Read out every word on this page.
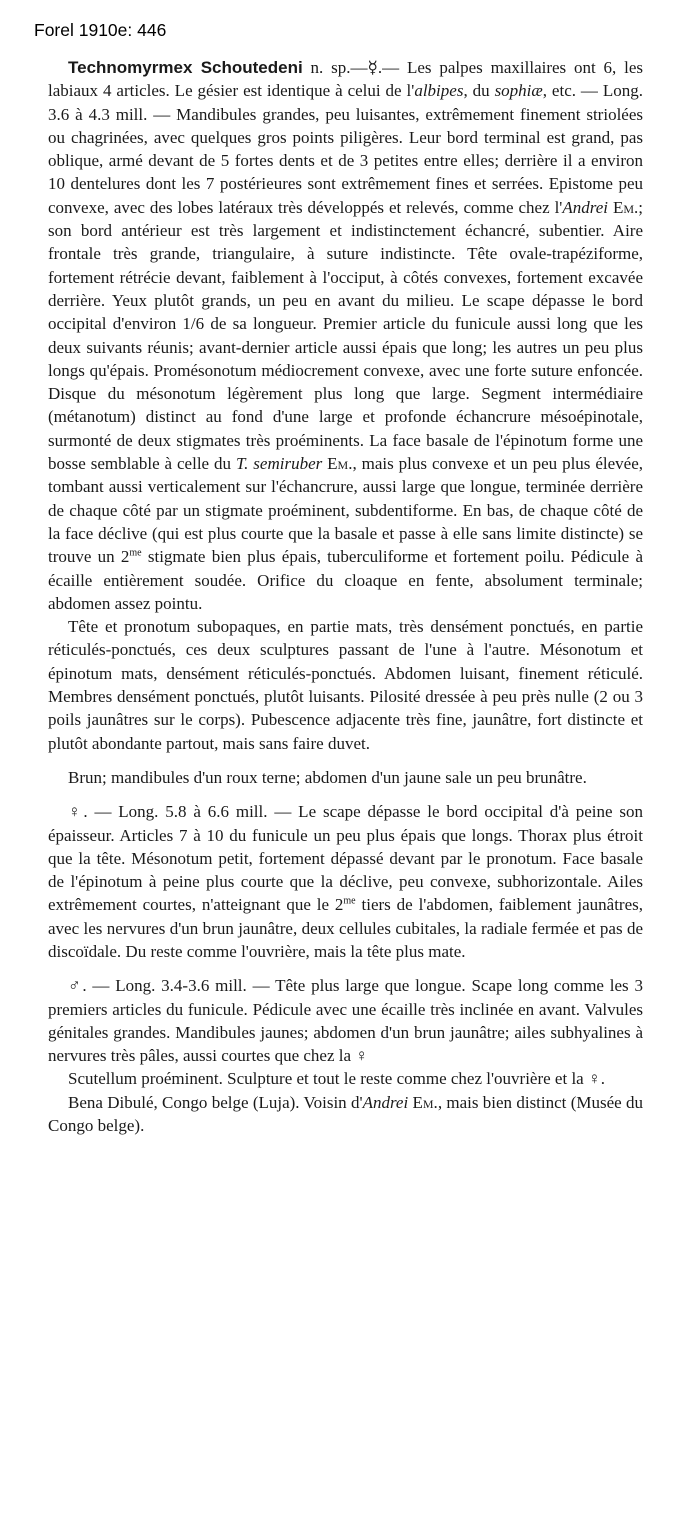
Forel 1910e: 446

Technomyrmex Schoutedeni n. sp.—☿.— Les palpes maxillaires ont 6, les labiaux 4 articles. Le gésier est identique à celui de l'albipes, du sophiæ, etc. — Long. 3.6 à 4.3 mill. — Mandibules grandes, peu luisantes, extrêmement finement striolées ou chagrinées, avec quelques gros points piligères. Leur bord terminal est grand, pas oblique, armé devant de 5 fortes dents et de 3 petites entre elles; derrière il a environ 10 dentelures dont les 7 postérieures sont extrêmement fines et serrées. Epistome peu convexe, avec des lobes latéraux très développés et relevés, comme chez l'Andrei Em.; son bord antérieur est très largement et indistinctement échancré, subentier. Aire frontale très grande, triangulaire, à suture indistincte. Tête ovale-trapéziforme, fortement rétrécie devant, faiblement à l'occiput, à côtés convexes, fortement excavée derrière. Yeux plutôt grands, un peu en avant du milieu. Le scape dépasse le bord occipital d'environ 1/6 de sa longueur. Premier article du funicule aussi long que les deux suivants réunis; avant-dernier article aussi épais que long; les autres un peu plus longs qu'épais. Promésonotum médiocrement convexe, avec une forte suture enfoncée. Disque du mésonotum légèrement plus long que large. Segment intermédiaire (métanotum) distinct au fond d'une large et profonde échancrure mésoépinotale, surmonté de deux stigmates très proéminents. La face basale de l'épinotum forme une bosse semblable à celle du T. semiruber Em., mais plus convexe et un peu plus élevée, tombant aussi verticalement sur l'échancrure, aussi large que longue, terminée derrière de chaque côté par un stigmate proéminent, subdentiforme. En bas, de chaque côté de la face déclive (qui est plus courte que la basale et passe à elle sans limite distincte) se trouve un $2^{me}$ stigmate bien plus épais, tuberculiforme et fortement poilu. Pédicule à écaille entièrement soudée. Orifice du cloaque en fente, absolument terminale; abdomen assez pointu.

Tête et pronotum subopaques, en partie mats, très densément ponctués, en partie réticulés-ponctués, ces deux sculptures passant de l'une à l'autre. Mésonotum et épinotum mats, densément réticulés-ponctués. Abdomen luisant, finement réticulé. Membres densément ponctués, plutôt luisants. Pilosité dressée à peu près nulle (2 ou 3 poils jaunâtres sur le corps). Pubescence adjacente très fine, jaunâtre, fort distincte et plutôt abondante partout, mais sans faire duvet.

Brun; mandibules d'un roux terne; abdomen d'un jaune sale un peu brunâtre.

♀. — Long. 5.8 à 6.6 mill. — Le scape dépasse le bord occipital d'à peine son épaisseur. Articles 7 à 10 du funicule un peu plus épais que longs. Thorax plus étroit que la tête. Mésonotum petit, fortement dépassé devant par le pronotum. Face basale de l'épinotum à peine plus courte que la déclive, peu convexe, subhorizontale. Ailes extrêmement courtes, n'atteignant que le $2^{me}$ tiers de l'abdomen, faiblement jaunâtres, avec les nervures d'un brun jaunâtre, deux cellules cubitales, la radiale fermée et pas de discoïdale. Du reste comme l'ouvrière, mais la tête plus mate.

♂. — Long. 3.4-3.6 mill. — Tête plus large que longue. Scape long comme les 3 premiers articles du funicule. Pédicule avec une écaille très inclinée en avant. Valvules génitales grandes. Mandibules jaunes; abdomen d'un brun jaunâtre; ailes subhyalines à nervures très pâles, aussi courtes que chez la ♀

Scutellum proéminent. Sculpture et tout le reste comme chez l'ouvrière et la ♀.

Bena Dibulé, Congo belge (Luja). Voisin d'Andrei Em., mais bien distinct (Musée du Congo belge).
